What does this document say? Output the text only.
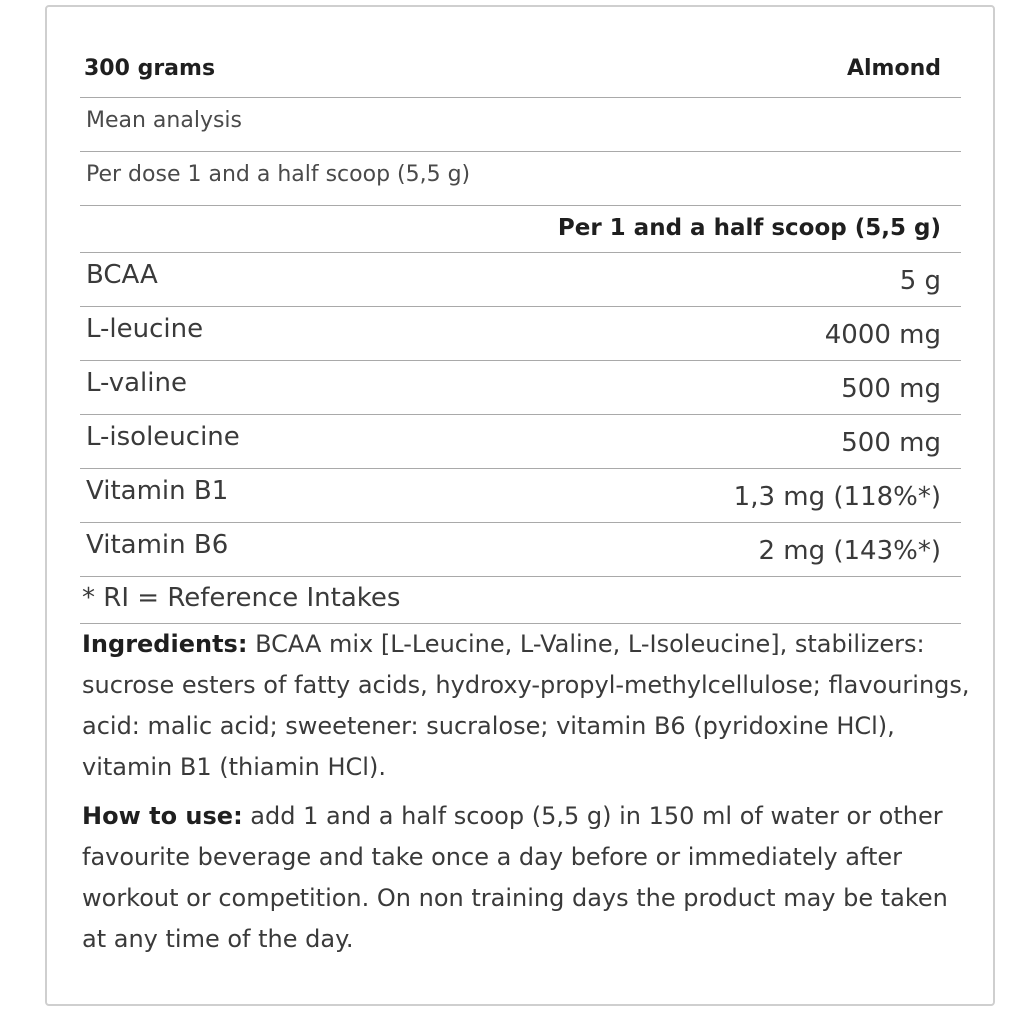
300 grams	Almond
Mean analysis
Per dose 1 and a half scoop (5,5 g)
Per 1 and a half scoop (5,5 g)
BCAA	5 g
L-leucine	4000 mg
L-valine	500 mg
L-isoleucine	500 mg
Vitamin B1	1,3 mg (118%*)
Vitamin B6	2 mg (143%*)
* RI = Reference Intakes

Ingredients: BCAA mix [L-Leucine, L-Valine, L-Isoleucine], stabilizers: sucrose esters of fatty acids, hydroxy-propyl-methylcellulose; flavourings, acid: malic acid; sweetener: sucralose; vitamin B6 (pyridoxine HCl), vitamin B1 (thiamin HCl).

How to use: add 1 and a half scoop (5,5 g) in 150 ml of water or other favourite beverage and take once a day before or immediately after workout or competition. On non training days the product may be taken at any time of the day.
